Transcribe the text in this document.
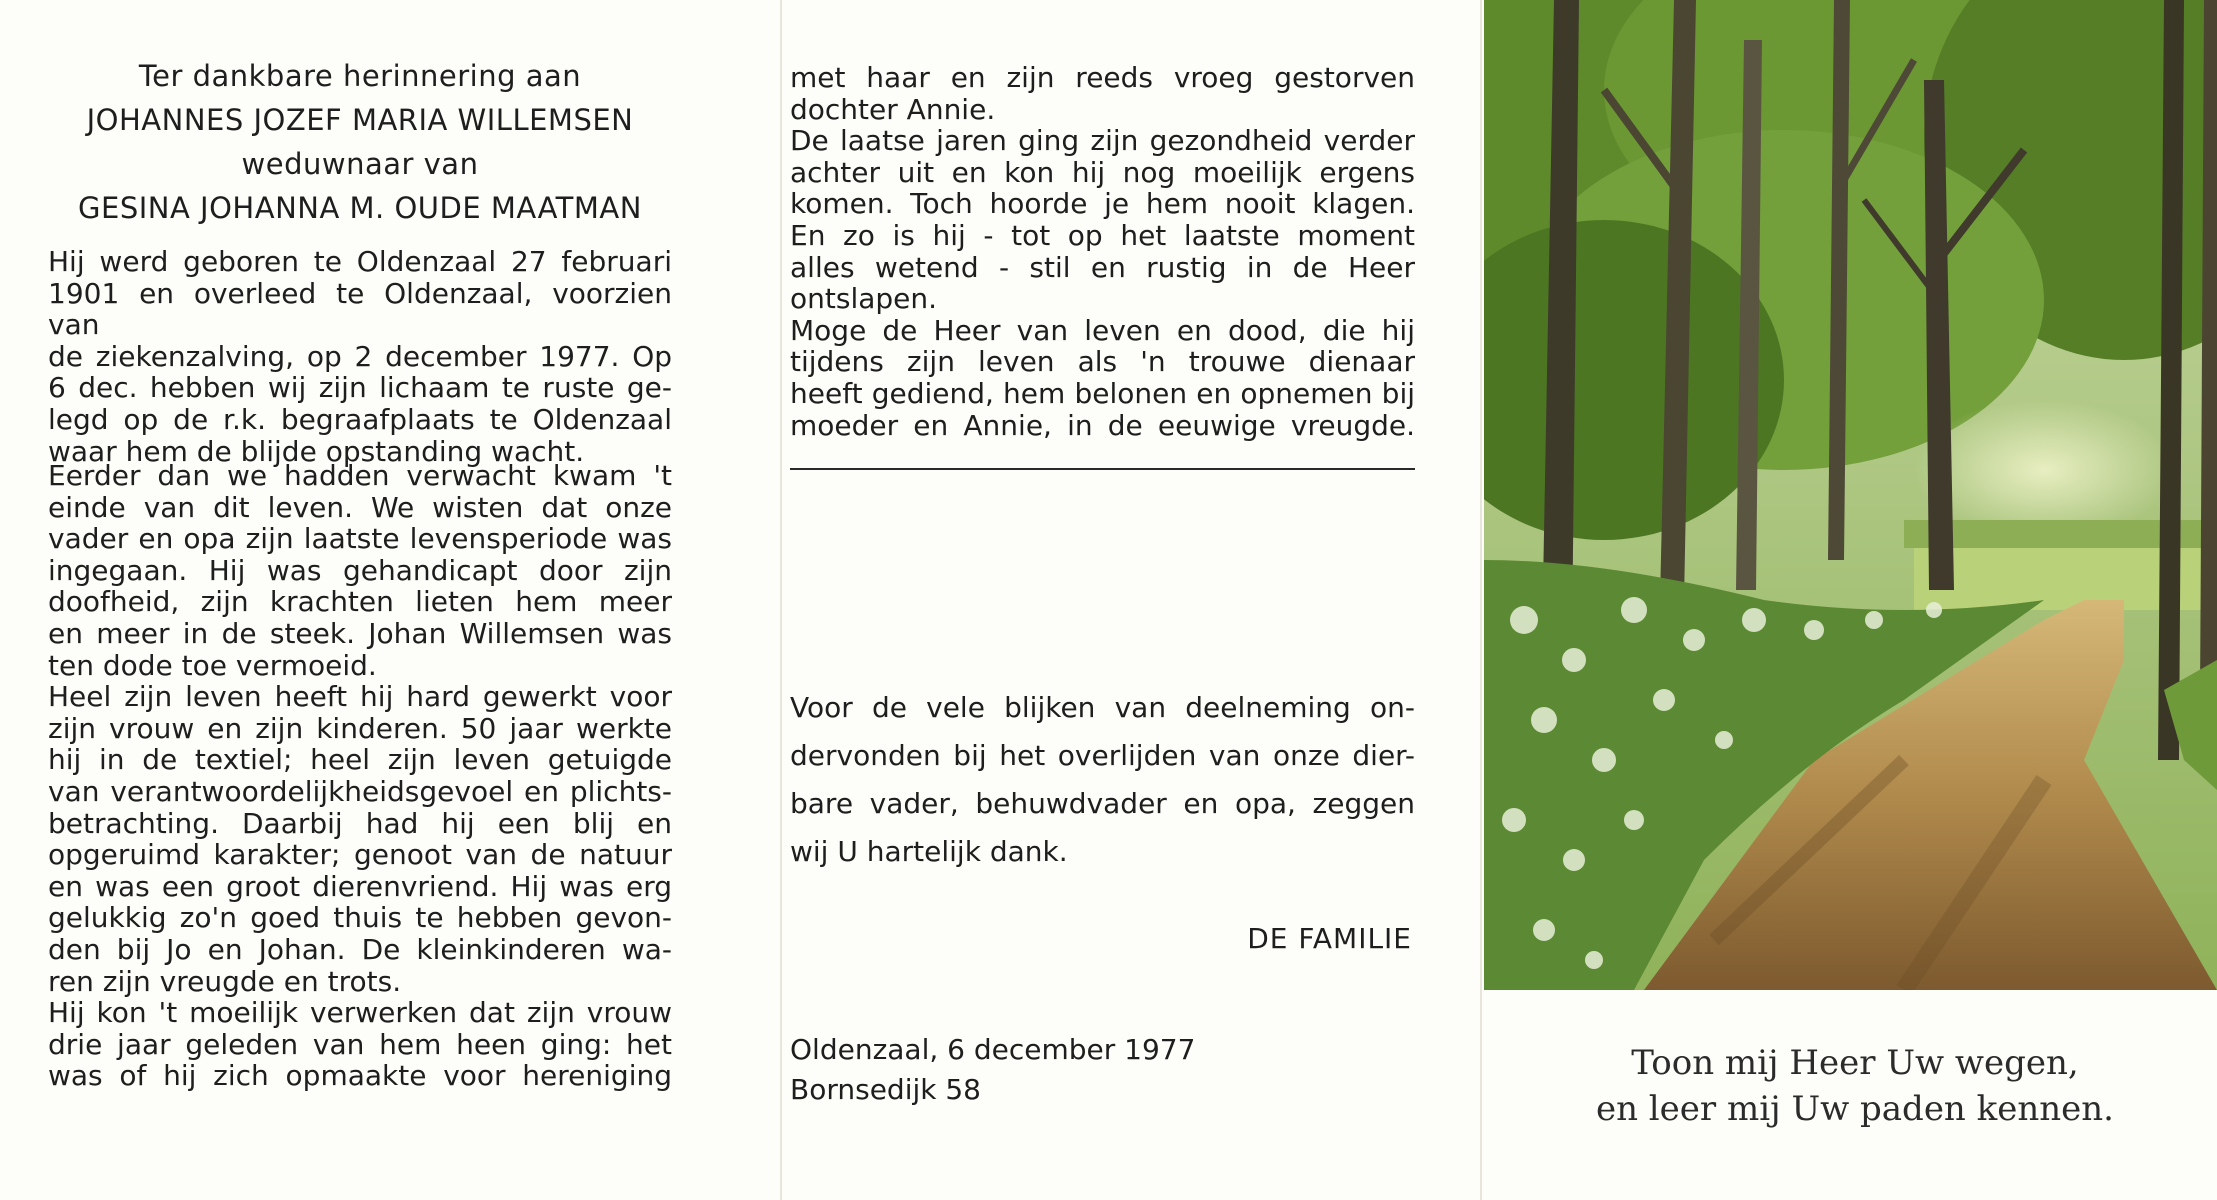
Ter dankbare herinnering aan
JOHANNES JOZEF MARIA WILLEMSEN
weduwnaar van
GESINA JOHANNA M. OUDE MAATMAN
Hij werd geboren te Oldenzaal 27 februari
1901 en overleed te Oldenzaal, voorzien van
de ziekenzalving, op 2 december 1977. Op
6 dec. hebben wij zijn lichaam te ruste ge-
legd op de r.k. begraafplaats te Oldenzaal
waar hem de blijde opstanding wacht.
Eerder dan we hadden verwacht kwam 't
einde van dit leven. We wisten dat onze
vader en opa zijn laatste levensperiode was
ingegaan. Hij was gehandicapt door zijn
doofheid, zijn krachten lieten hem meer
en meer in de steek. Johan Willemsen was
ten dode toe vermoeid.
Heel zijn leven heeft hij hard gewerkt voor
zijn vrouw en zijn kinderen. 50 jaar werkte
hij in de textiel; heel zijn leven getuigde
van verantwoordelijkheidsgevoel en plichts-
betrachting. Daarbij had hij een blij en
opgeruimd karakter; genoot van de natuur
en was een groot dierenvriend. Hij was erg
gelukkig zo'n goed thuis te hebben gevon-
den bij Jo en Johan. De kleinkinderen wa-
ren zijn vreugde en trots.
Hij kon 't moeilijk verwerken dat zijn vrouw
drie jaar geleden van hem heen ging: het
was of hij zich opmaakte voor hereniging
met haar en zijn reeds vroeg gestorven
dochter Annie.
De laatse jaren ging zijn gezondheid verder
achter uit en kon hij nog moeilijk ergens
komen. Toch hoorde je hem nooit klagen.
En zo is hij - tot op het laatste moment
alles wetend - stil en rustig in de Heer
ontslapen.
Moge de Heer van leven en dood, die hij
tijdens zijn leven als 'n trouwe dienaar
heeft gediend, hem belonen en opnemen bij
moeder en Annie, in de eeuwige vreugde.
Voor de vele blijken van deelneming on-
dervonden bij het overlijden van onze dier-
bare vader, behuwdvader en opa, zeggen
wij U hartelijk dank.
DE FAMILIE
Oldenzaal, 6 december 1977
Bornsedijk 58
Toon mij Heer Uw wegen,
en leer mij Uw paden kennen.
